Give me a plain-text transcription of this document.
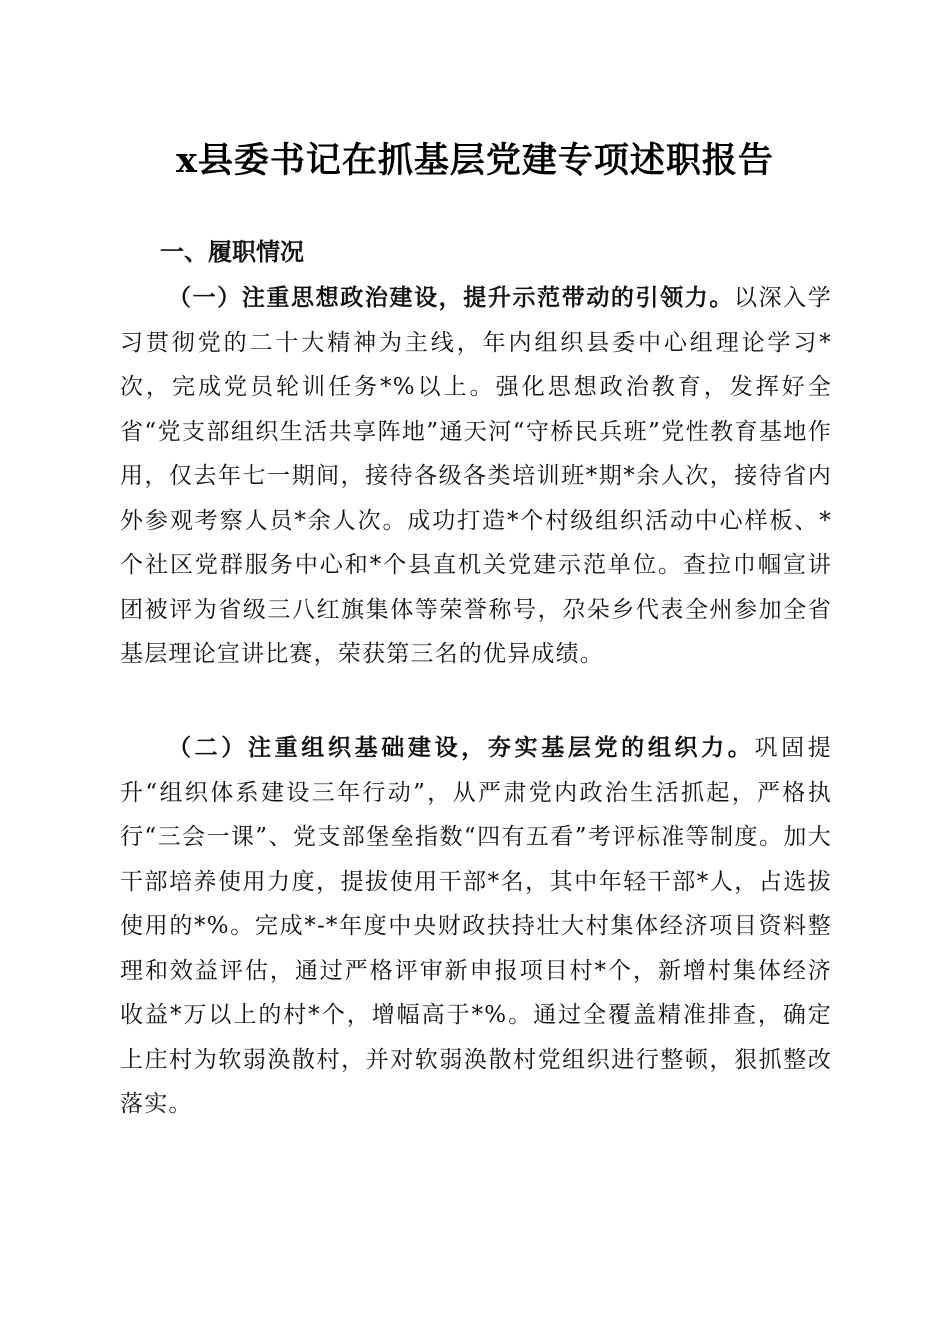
x县委书记在抓基层党建专项述职报告
一、履职情况

（一）注重思想政治建设，提升示范带动的引领力。以深入学习贯彻党的二十大精神为主线，年内组织县委中心组理论学习*次，完成党员轮训任务*%以上。强化思想政治教育，发挥好全省“党支部组织生活共享阵地”通天河“守桥民兵班”党性教育基地作用，仅去年七一期间，接待各级各类培训班*期*余人次，接待省内外参观考察人员*余人次。成功打造*个村级组织活动中心样板、*个社区党群服务中心和*个县直机关党建示范单位。查拉巾帼宣讲团被评为省级三八红旗集体等荣誉称号，尕朵乡代表全州参加全省基层理论宣讲比赛，荣获第三名的优异成绩。

（二）注重组织基础建设，夯实基层党的组织力。巩固提升“组织体系建设三年行动”，从严肃党内政治生活抓起，严格执行“三会一课”、党支部堡垒指数“四有五看”考评标准等制度。加大干部培养使用力度，提拔使用干部*名，其中年轻干部*人，占选拔使用的*%。完成*-*年度中央财政扶持壮大村集体经济项目资料整理和效益评估，通过严格评审新申报项目村*个，新增村集体经济收益*万以上的村*个，增幅高于*%。通过全覆盖精准排查，确定上庄村为软弱涣散村，并对软弱涣散村党组织进行整顿，狠抓整改落实。
